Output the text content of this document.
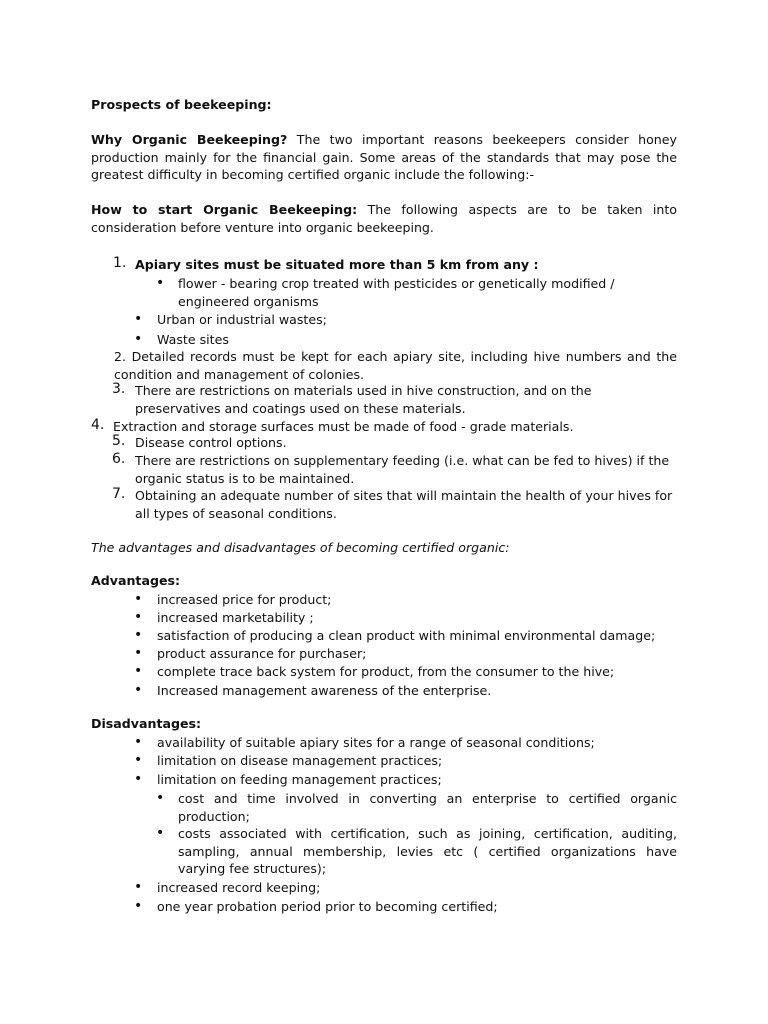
Prospects of beekeeping:
Why Organic Beekeeping? The two important reasons beekeepers consider honey production mainly for the financial gain. Some areas of the standards that may pose the greatest difficulty in becoming certified organic include the following:-
How to start Organic Beekeeping: The following aspects are to be taken into consideration before venture into organic beekeeping.
1. Apiary sites must be situated more than 5 km from any :
• flower - bearing crop treated with pesticides or genetically modified / engineered organisms
• Urban or industrial wastes;
• Waste sites
2. Detailed records must be kept for each apiary site, including hive numbers and the condition and management of colonies.
3. There are restrictions on materials used in hive construction, and on the preservatives and coatings used on these materials.
4. Extraction and storage surfaces must be made of food - grade materials.
5. Disease control options.
6. There are restrictions on supplementary feeding (i.e. what can be fed to hives) if the organic status is to be maintained.
7. Obtaining an adequate number of sites that will maintain the health of your hives for all types of seasonal conditions.
The advantages and disadvantages of becoming certified organic:
Advantages:
• increased price for product;
• increased marketability ;
• satisfaction of producing a clean product with minimal environmental damage;
• product assurance for purchaser;
• complete trace back system for product, from the consumer to the hive;
• Increased management awareness of the enterprise.
Disadvantages:
• availability of suitable apiary sites for a range of seasonal conditions;
• limitation on disease management practices;
• limitation on feeding management practices;
• cost and time involved in converting an enterprise to certified organic production;
• costs associated with certification, such as joining, certification, auditing, sampling, annual membership, levies etc ( certified organizations have varying fee structures);
• increased record keeping;
• one year probation period prior to becoming certified;
